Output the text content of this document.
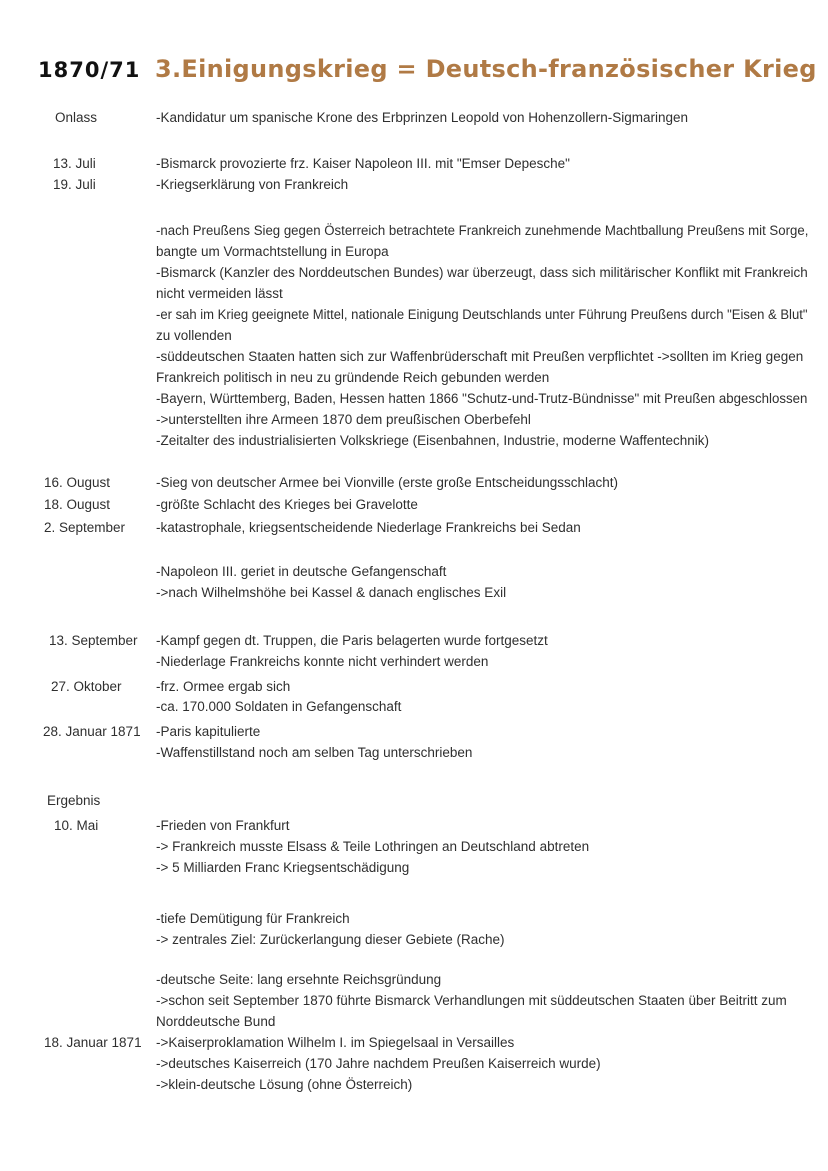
1870/71 3.Einigungskrieg = Deutsch-französischer Krieg
Onlass
13. Juli
19. Juli
16. Ougust
18. Ougust
2. September
13. September
27. Oktober
28. Januar 1871
Ergebnis
10. Mai
18. Januar 1871
-Kandidatur um spanische Krone des Erbprinzen Leopold von Hohenzollern-Sigmaringen
-Bismarck provozierte frz. Kaiser Napoleon III. mit "Emser Depesche"
-Kriegserklärung von Frankreich
-nach Preußens Sieg gegen Österreich betrachtete Frankreich zunehmende Machtballung Preußens mit Sorge,
bangte um Vormachtstellung in Europa
-Bismarck (Kanzler des Norddeutschen Bundes) war überzeugt, dass sich militärischer Konflikt mit Frankreich
nicht vermeiden lässt
-er sah im Krieg geeignete Mittel, nationale Einigung Deutschlands unter Führung Preußens durch "Eisen & Blut"
zu vollenden
-süddeutschen Staaten hatten sich zur Waffenbrüderschaft mit Preußen verpflichtet ->sollten im Krieg gegen
Frankreich politisch in neu zu gründende Reich gebunden werden
-Bayern, Württemberg, Baden, Hessen hatten 1866 "Schutz-und-Trutz-Bündnisse" mit Preußen abgeschlossen
->unterstellten ihre Armeen 1870 dem preußischen Oberbefehl
-Zeitalter des industrialisierten Volkskriege (Eisenbahnen, Industrie, moderne Waffentechnik)
-Sieg von deutscher Armee bei Vionville (erste große Entscheidungsschlacht)
-größte Schlacht des Krieges bei Gravelotte
-katastrophale, kriegsentscheidende Niederlage Frankreichs bei Sedan
-Napoleon III. geriet in deutsche Gefangenschaft
->nach Wilhelmshöhe bei Kassel & danach englisches Exil
-Kampf gegen dt. Truppen, die Paris belagerten wurde fortgesetzt
-Niederlage Frankreichs konnte nicht verhindert werden
-frz. Ormee ergab sich
-ca. 170.000 Soldaten in Gefangenschaft
-Paris kapitulierte
-Waffenstillstand noch am selben Tag unterschrieben
-Frieden von Frankfurt
-> Frankreich musste Elsass & Teile Lothringen an Deutschland abtreten
-> 5 Milliarden Franc Kriegsentschädigung
-tiefe Demütigung für Frankreich
-> zentrales Ziel: Zurückerlangung dieser Gebiete (Rache)
-deutsche Seite: lang ersehnte Reichsgründung
->schon seit September 1870 führte Bismarck Verhandlungen mit süddeutschen Staaten über Beitritt zum
Norddeutsche Bund
->Kaiserproklamation Wilhelm I. im Spiegelsaal in Versailles
->deutsches Kaiserreich (170 Jahre nachdem Preußen Kaiserreich wurde)
->klein-deutsche Lösung (ohne Österreich)
